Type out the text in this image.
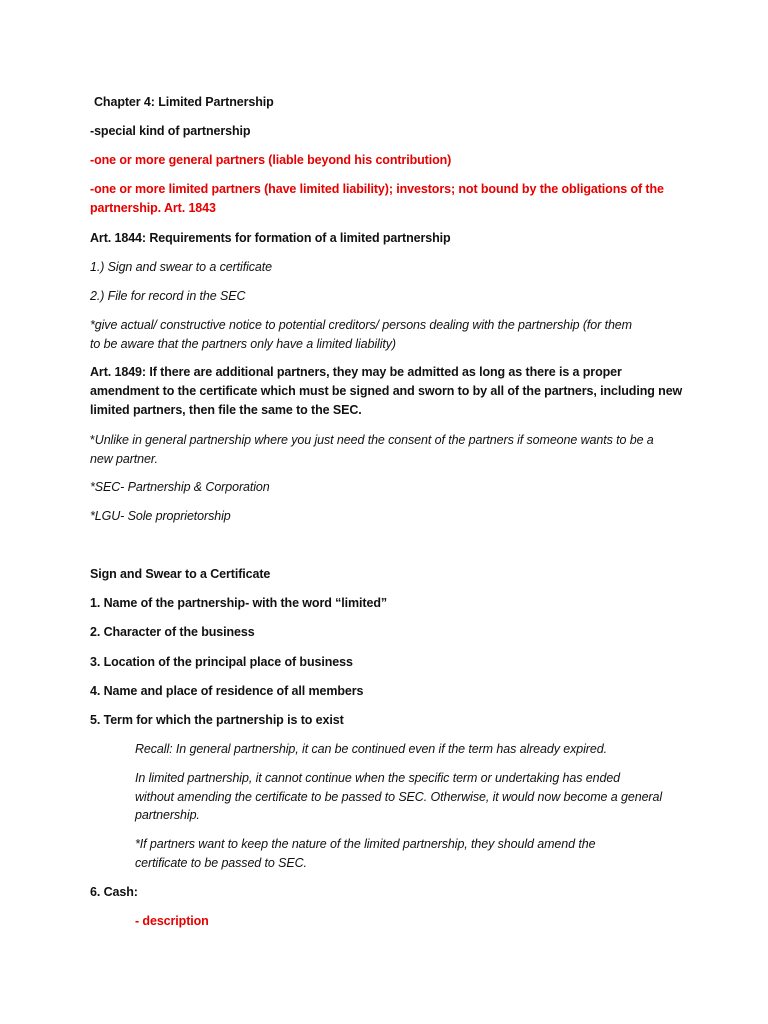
Chapter 4: Limited Partnership
-special kind of partnership
-one or more general partners (liable beyond his contribution)
-one or more limited partners (have limited liability); investors; not bound by the obligations of the
partnership. Art. 1843
Art. 1844: Requirements for formation of a limited partnership
1.) Sign and swear to a certificate
2.) File for record in the SEC
*give actual/ constructive notice to potential creditors/ persons dealing with the partnership (for them
to be aware that the partners only have a limited liability)
Art. 1849: If there are additional partners, they may be admitted as long as there is a proper
amendment to the certificate which must be signed and sworn to by all of the partners, including new
limited partners, then file the same to the SEC.
*Unlike in general partnership where you just need the consent of the partners if someone wants to be a
new partner.
*SEC- Partnership & Corporation
*LGU- Sole proprietorship
Sign and Swear to a Certificate
1. Name of the partnership- with the word “limited”
2. Character of the business
3. Location of the principal place of business
4. Name and place of residence of all members
5. Term for which the partnership is to exist
Recall: In general partnership, it can be continued even if the term has already expired.
In limited partnership, it cannot continue when the specific term or undertaking has ended
without amending the certificate to be passed to SEC. Otherwise, it would now become a general
partnership.
*If partners want to keep the nature of the limited partnership, they should amend the
certificate to be passed to SEC.
6. Cash:
- description
